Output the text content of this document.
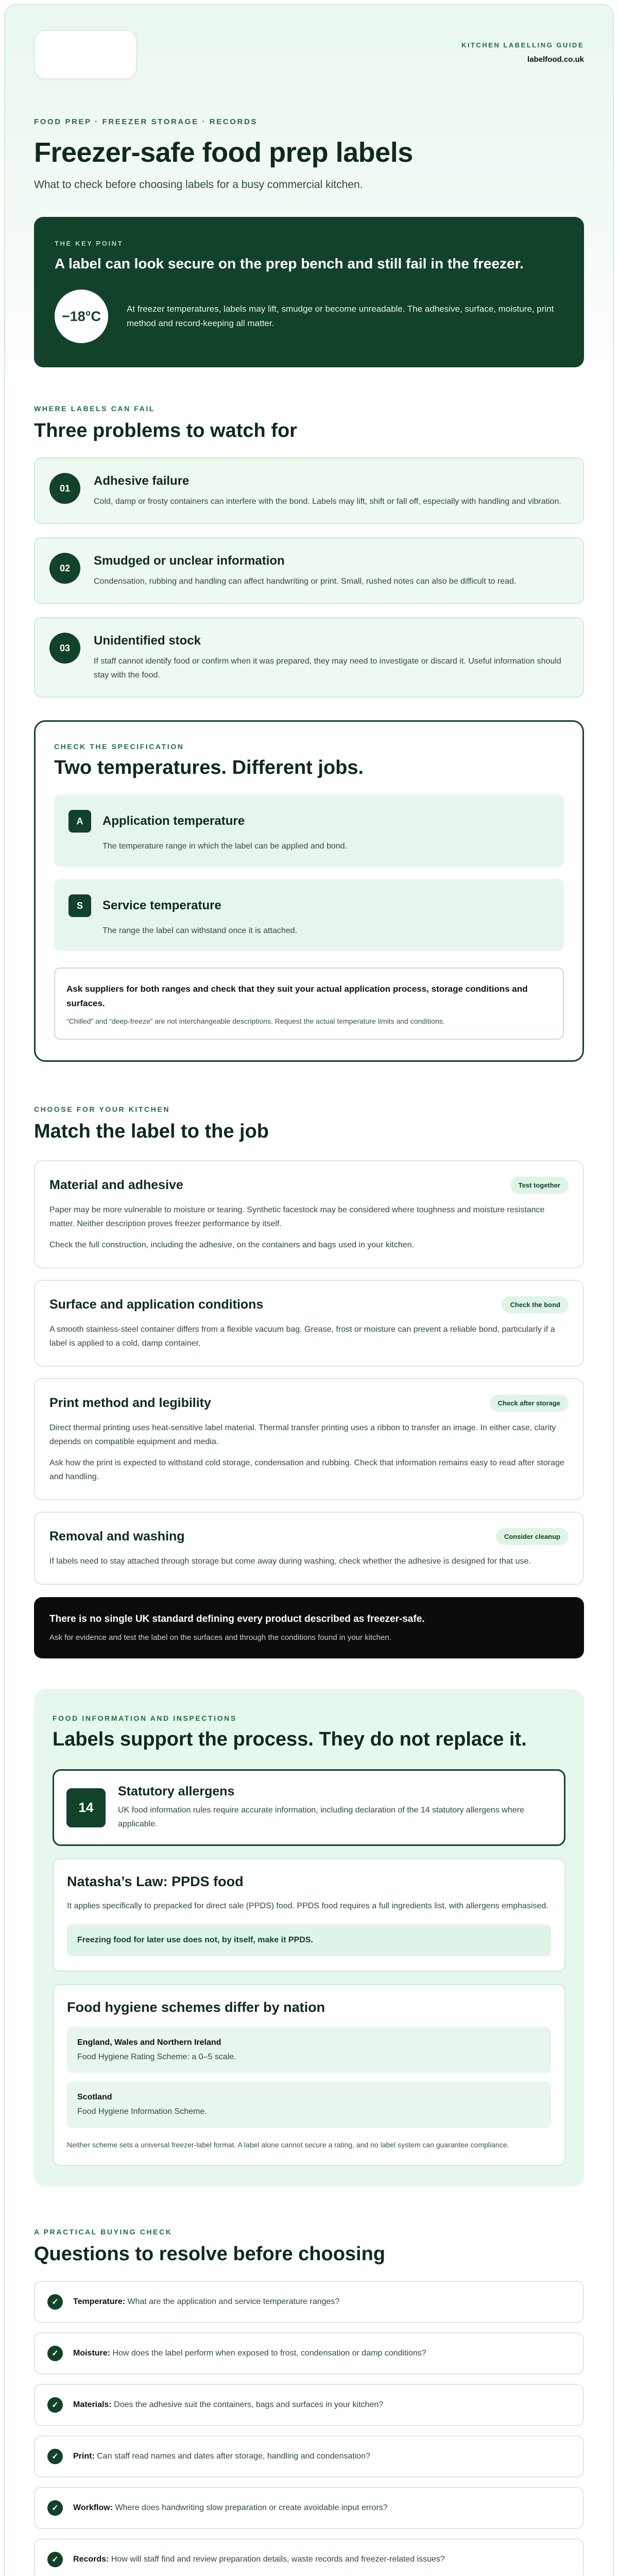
KITCHEN LABELLING GUIDE
labelfood.co.uk
FOOD PREP · FREEZER STORAGE · RECORDS
Freezer-safe food prep labels

What to check before choosing labels for a busy commercial kitchen.

THE KEY POINT
A label can look secure on the prep bench and still fail in the freezer.
−18°C	At freezer temperatures, labels may lift, smudge or become unreadable. The adhesive, surface, moisture, print method and record-keeping all matter.
WHERE LABELS CAN FAIL
Three problems to watch for
01
Adhesive failure
Cold, damp or frosty containers can interfere with the bond. Labels may lift, shift or fall off, especially with handling and vibration.
02
Smudged or unclear information
Condensation, rubbing and handling can affect handwriting or print. Small, rushed notes can also be difficult to read.
03
Unidentified stock
If staff cannot identify food or confirm when it was prepared, they may need to investigate or discard it. Useful information should stay with the food.
CHECK THE SPECIFICATION
Two temperatures. Different jobs.
A	Application temperature
The temperature range in which the label can be applied and bond.
S	Service temperature
The range the label can withstand once it is attached.
Ask suppliers for both ranges and check that they suit your actual application process, storage conditions and surfaces.
“Chilled” and “deep-freeze” are not interchangeable descriptions. Request the actual temperature limits and conditions.
CHOOSE FOR YOUR KITCHEN
Match the label to the job
Material and adhesive	Test together

Paper may be more vulnerable to moisture or tearing. Synthetic facestock may be considered where toughness and moisture resistance matter. Neither description proves freezer performance by itself.

Check the full construction, including the adhesive, on the containers and bags used in your kitchen.

Surface and application conditions	Check the bond

A smooth stainless-steel container differs from a flexible vacuum bag. Grease, frost or moisture can prevent a reliable bond, particularly if a label is applied to a cold, damp container.

Print method and legibility	Check after storage

Direct thermal printing uses heat-sensitive label material. Thermal transfer printing uses a ribbon to transfer an image. In either case, clarity depends on compatible equipment and media.

Ask how the print is expected to withstand cold storage, condensation and rubbing. Check that information remains easy to read after storage and handling.

Removal and washing	Consider cleanup

If labels need to stay attached through storage but come away during washing, check whether the adhesive is designed for that use.

There is no single UK standard defining every product described as freezer-safe.
Ask for evidence and test the label on the surfaces and through the conditions found in your kitchen.
FOOD INFORMATION AND INSPECTIONS
Labels support the process. They do not replace it.
14
Statutory allergens
UK food information rules require accurate information, including declaration of the 14 statutory allergens where applicable.
Natasha’s Law: PPDS food
It applies specifically to prepacked for direct sale (PPDS) food. PPDS food requires a full ingredients list, with allergens emphasised.
Freezing food for later use does not, by itself, make it PPDS.
Food hygiene schemes differ by nation
England, Wales and Northern Ireland
Food Hygiene Rating Scheme: a 0–5 scale.
Scotland
Food Hygiene Information Scheme.
Neither scheme sets a universal freezer-label format. A label alone cannot secure a rating, and no label system can guarantee compliance.
A PRACTICAL BUYING CHECK
Questions to resolve before choosing
✓	Temperature: What are the application and service temperature ranges?
✓	Moisture: How does the label perform when exposed to frost, condensation or damp conditions?
✓	Materials: Does the adhesive suit the containers, bags and surfaces in your kitchen?
✓	Print: Can staff read names and dates after storage, handling and condensation?
✓	Workflow: Where does handwriting slow preparation or create avoidable input errors?
✓	Records: How will staff find and review preparation details, waste records and freezer-related issues?
